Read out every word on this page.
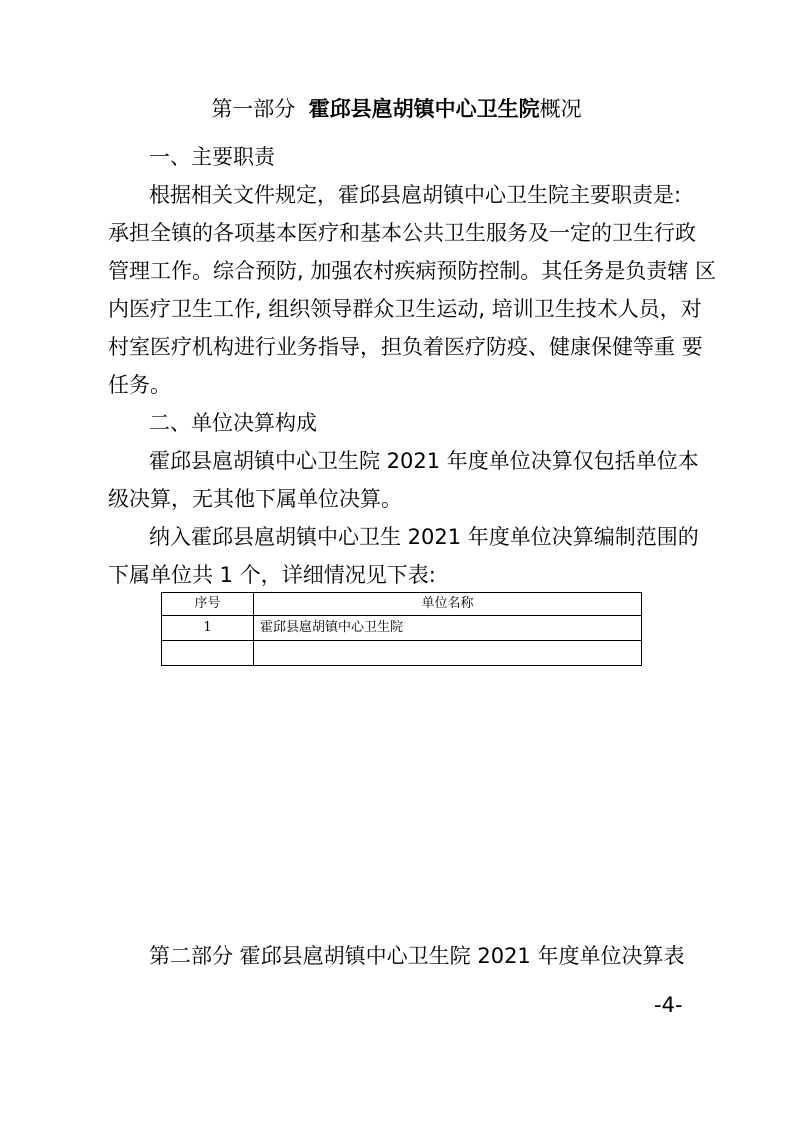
第一部分 霍邱县扈胡镇中心卫生院概况
一、主要职责
根据相关文件规定，霍邱县扈胡镇中心卫生院主要职责是:
承担全镇的各项基本医疗和基本公共卫生服务及一定的卫生行政
管理工作。综合预防, 加强农村疾病预防控制。其任务是负责辖 区
内医疗卫生工作, 组织领导群众卫生运动, 培训卫生技术人员，对
村室医疗机构进行业务指导，担负着医疗防疫、健康保健等重 要
任务。
二、单位决算构成
霍邱县扈胡镇中心卫生院 2021 年度单位决算仅包括单位本
级决算，无其他下属单位决算。
纳入霍邱县扈胡镇中心卫生 2021 年度单位决算编制范围的
下属单位共 1 个，详细情况见下表:
序号	单位名称
1	霍邱县扈胡镇中心卫生院

第二部分 霍邱县扈胡镇中心卫生院 2021 年度单位决算表
-4-
